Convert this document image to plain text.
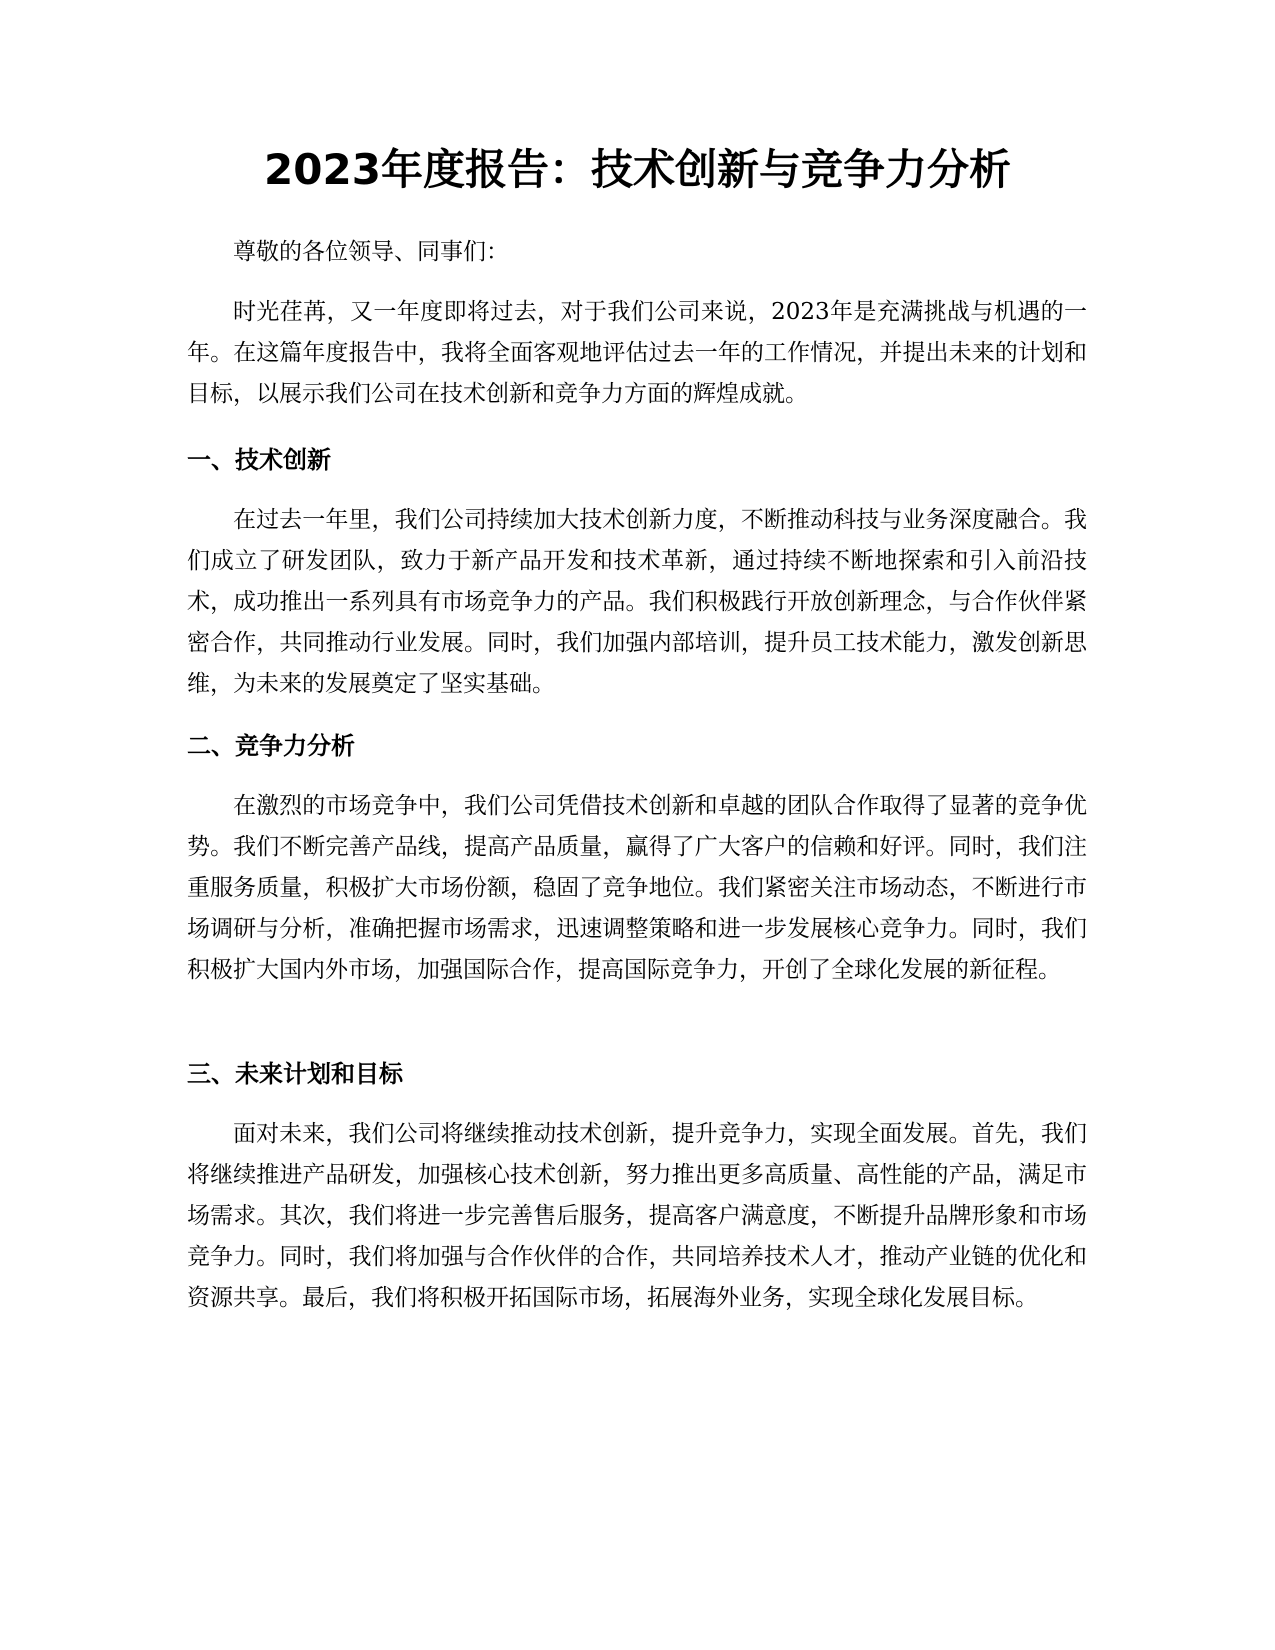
2023年度报告：技术创新与竞争力分析

尊敬的各位领导、同事们：

时光荏苒，又一年度即将过去，对于我们公司来说，2023年是充满挑战与机遇的一年。在这篇年度报告中，我将全面客观地评估过去一年的工作情况，并提出未来的计划和目标，以展示我们公司在技术创新和竞争力方面的辉煌成就。

一、技术创新

在过去一年里，我们公司持续加大技术创新力度，不断推动科技与业务深度融合。我们成立了研发团队，致力于新产品开发和技术革新，通过持续不断地探索和引入前沿技术，成功推出一系列具有市场竞争力的产品。我们积极践行开放创新理念，与合作伙伴紧密合作，共同推动行业发展。同时，我们加强内部培训，提升员工技术能力，激发创新思维，为未来的发展奠定了坚实基础。

二、竞争力分析

在激烈的市场竞争中，我们公司凭借技术创新和卓越的团队合作取得了显著的竞争优势。我们不断完善产品线，提高产品质量，赢得了广大客户的信赖和好评。同时，我们注重服务质量，积极扩大市场份额，稳固了竞争地位。我们紧密关注市场动态，不断进行市场调研与分析，准确把握市场需求，迅速调整策略和进一步发展核心竞争力。同时，我们积极扩大国内外市场，加强国际合作，提高国际竞争力，开创了全球化发展的新征程。

三、未来计划和目标

面对未来，我们公司将继续推动技术创新，提升竞争力，实现全面发展。首先，我们将继续推进产品研发，加强核心技术创新，努力推出更多高质量、高性能的产品，满足市场需求。其次，我们将进一步完善售后服务，提高客户满意度，不断提升品牌形象和市场竞争力。同时，我们将加强与合作伙伴的合作，共同培养技术人才，推动产业链的优化和资源共享。最后，我们将积极开拓国际市场，拓展海外业务，实现全球化发展目标。
